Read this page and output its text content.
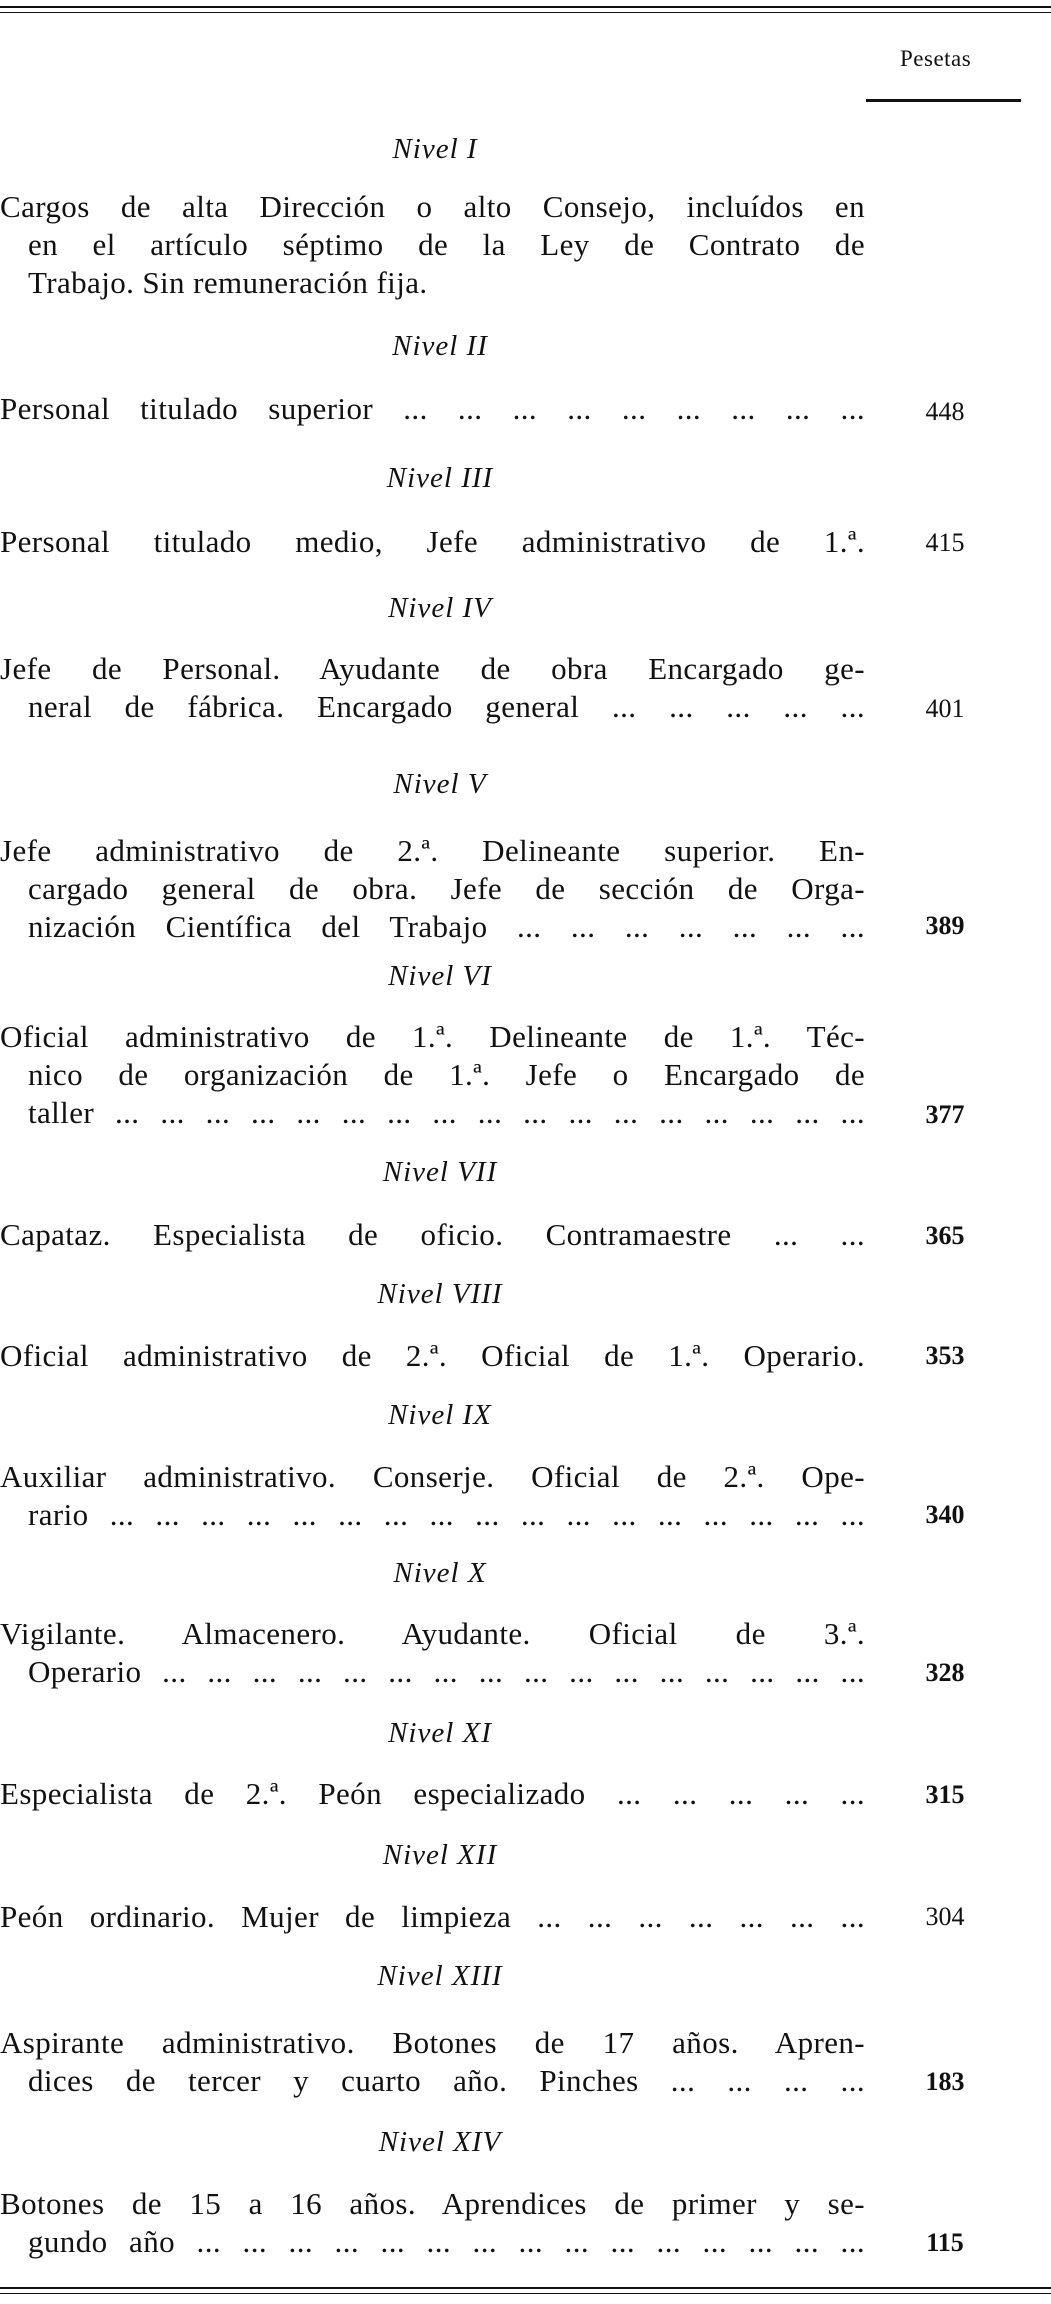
Pesetas
Nivel I
Cargos de alta Dirección o alto Consejo, incluídos en
en el artículo séptimo de la Ley de Contrato de
Trabajo. Sin remuneración fija.
Nivel II
Personal titulado superior ... ... ... ... ... ... ... ... ...	448
Nivel III
Personal titulado medio, Jefe administrativo de 1.ª.	415
Nivel IV
Jefe de Personal. Ayudante de obra Encargado ge-
neral de fábrica. Encargado general ... ... ... ... ...	401
Nivel V
Jefe administrativo de 2.ª. Delineante superior. En-
cargado general de obra. Jefe de sección de Orga-
nización Científica del Trabajo ... ... ... ... ... ... ...	389
Nivel VI
Oficial administrativo de 1.ª. Delineante de 1.ª. Téc-
nico de organización de 1.ª. Jefe o Encargado de
taller ... ... ... ... ... ... ... ... ... ... ... ... ... ... ... ... ...	377
Nivel VII
Capataz. Especialista de oficio. Contramaestre ... ...	365
Nivel VIII
Oficial administrativo de 2.ª. Oficial de 1.ª. Operario.	353
Nivel IX
Auxiliar administrativo. Conserje. Oficial de 2.ª. Ope-
rario ... ... ... ... ... ... ... ... ... ... ... ... ... ... ... ... ...	340
Nivel X
Vigilante. Almacenero. Ayudante. Oficial de 3.ª.
Operario ... ... ... ... ... ... ... ... ... ... ... ... ... ... ... ...	328
Nivel XI
Especialista de 2.ª. Peón especializado ... ... ... ... ...	315
Nivel XII
Peón ordinario. Mujer de limpieza ... ... ... ... ... ... ...	304
Nivel XIII
Aspirante administrativo. Botones de 17 años. Apren-
dices de tercer y cuarto año. Pinches ... ... ... ...	183
Nivel XIV
Botones de 15 a 16 años. Aprendices de primer y se-
gundo año ... ... ... ... ... ... ... ... ... ... ... ... ... ... ...	115
